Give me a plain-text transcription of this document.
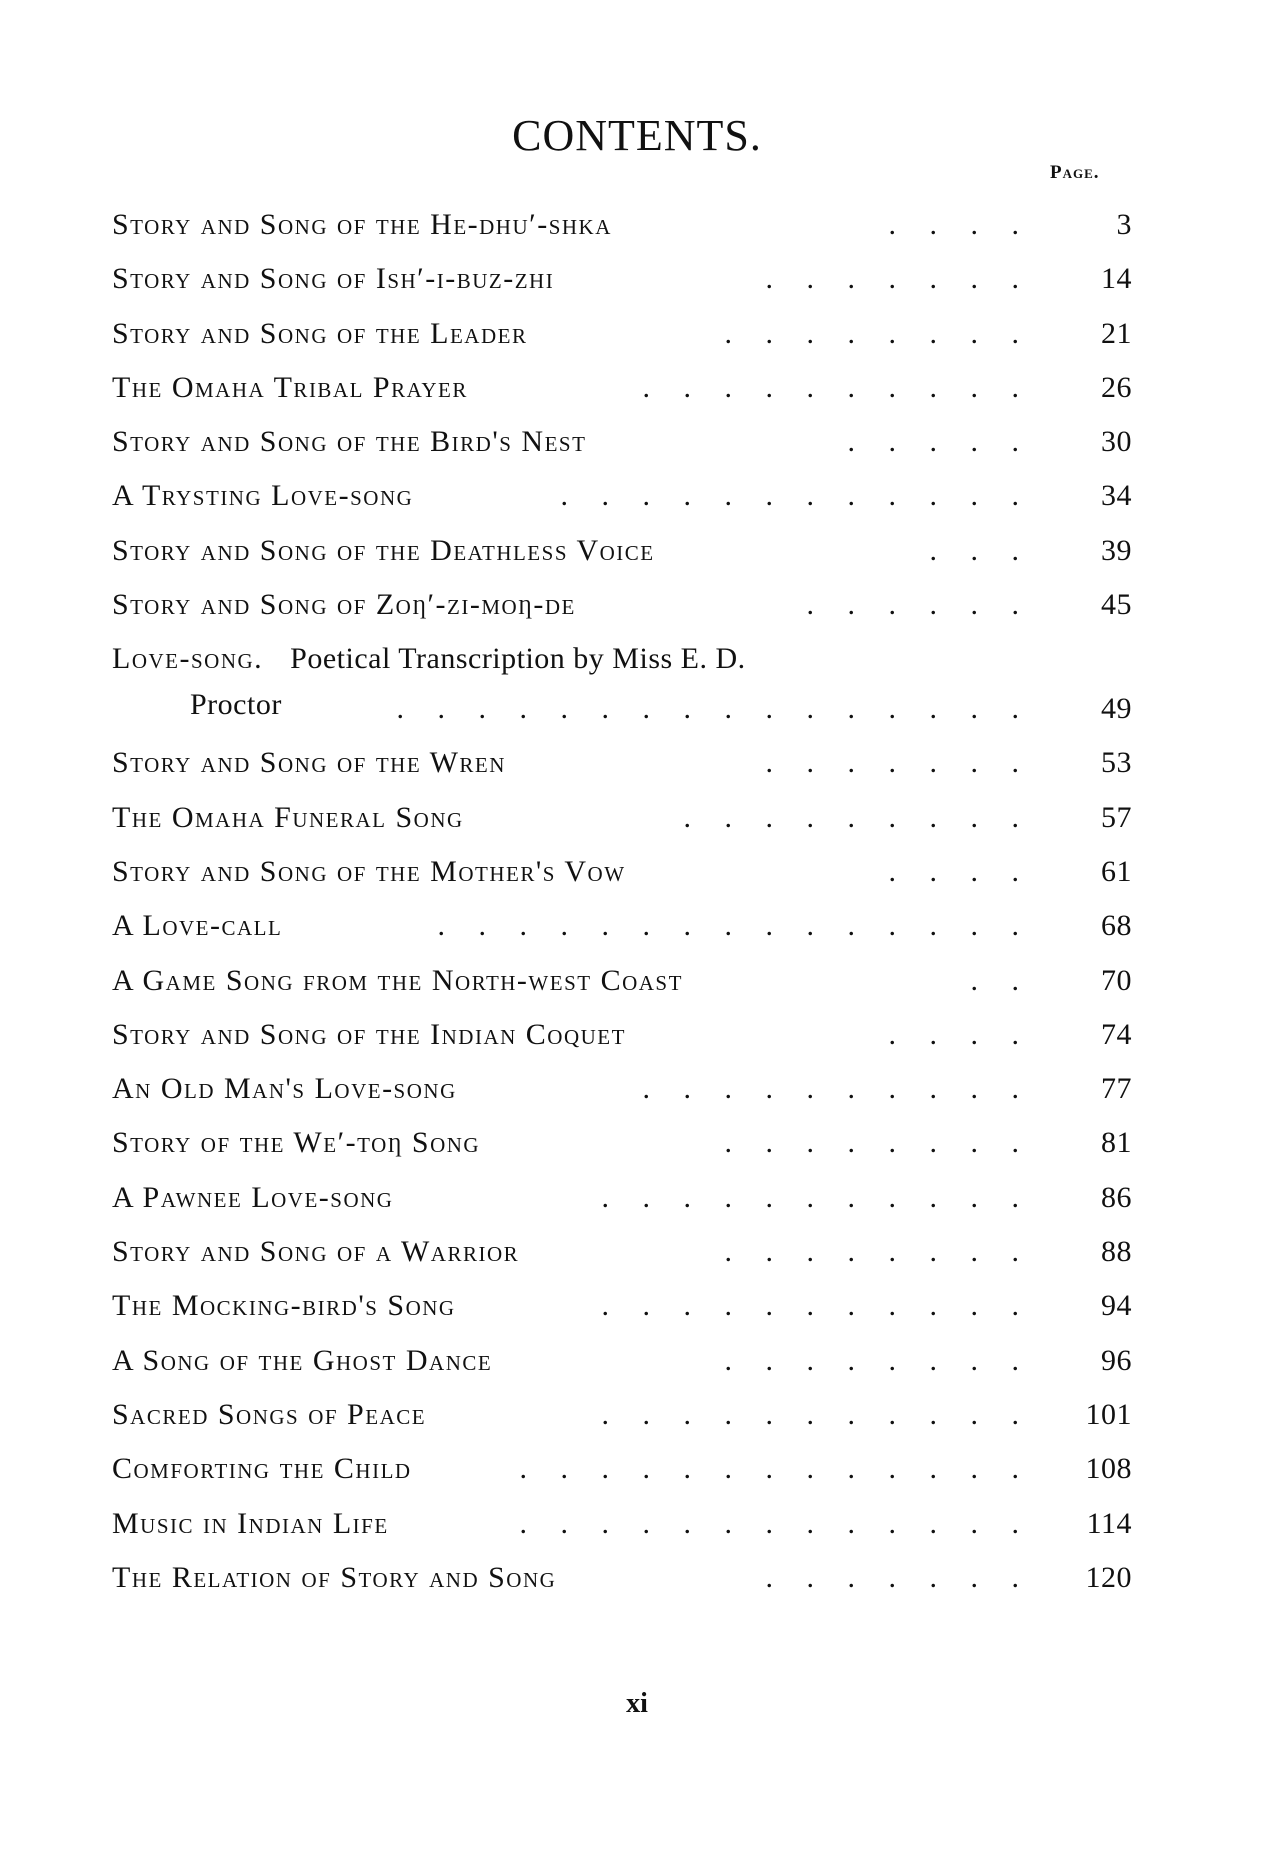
CONTENTS.
Page.
Story and Song of the He-dhu′-shka	. . . .	3
Story and Song of Ish′-i-buz-zhi	. . . . . . .	14
Story and Song of the Leader	. . . . . . . .	21
The Omaha Tribal Prayer	. . . . . . . . . .	26
Story and Song of the Bird's Nest	. . . . .	30
A Trysting Love-song	. . . . . . . . . . . .	34
Story and Song of the Deathless Voice	. . .	39
Story and Song of Zoƞ′-zi-moƞ-de	. . . . . .	45
Love-song. Poetical Transcription by Miss E. D.
Proctor	. . . . . . . . . . . . . . . .	49
Story and Song of the Wren	. . . . . . .	53
The Omaha Funeral Song	. . . . . . . . .	57
Story and Song of the Mother's Vow	. . . .	61
A Love-call	. . . . . . . . . . . . . . .	68
A Game Song from the North-west Coast	. .	70
Story and Song of the Indian Coquet	. . . .	74
An Old Man's Love-song	. . . . . . . . . .	77
Story of the We′-toƞ Song	. . . . . . . .	81
A Pawnee Love-song	. . . . . . . . . . .	86
Story and Song of a Warrior	. . . . . . . .	88
The Mocking-bird's Song	. . . . . . . . . . .	94
A Song of the Ghost Dance	. . . . . . . .	96
Sacred Songs of Peace	. . . . . . . . . . .	101
Comforting the Child	. . . . . . . . . . . . .	108
Music in Indian Life	. . . . . . . . . . . . .	114
The Relation of Story and Song	. . . . . . .	120
xi
